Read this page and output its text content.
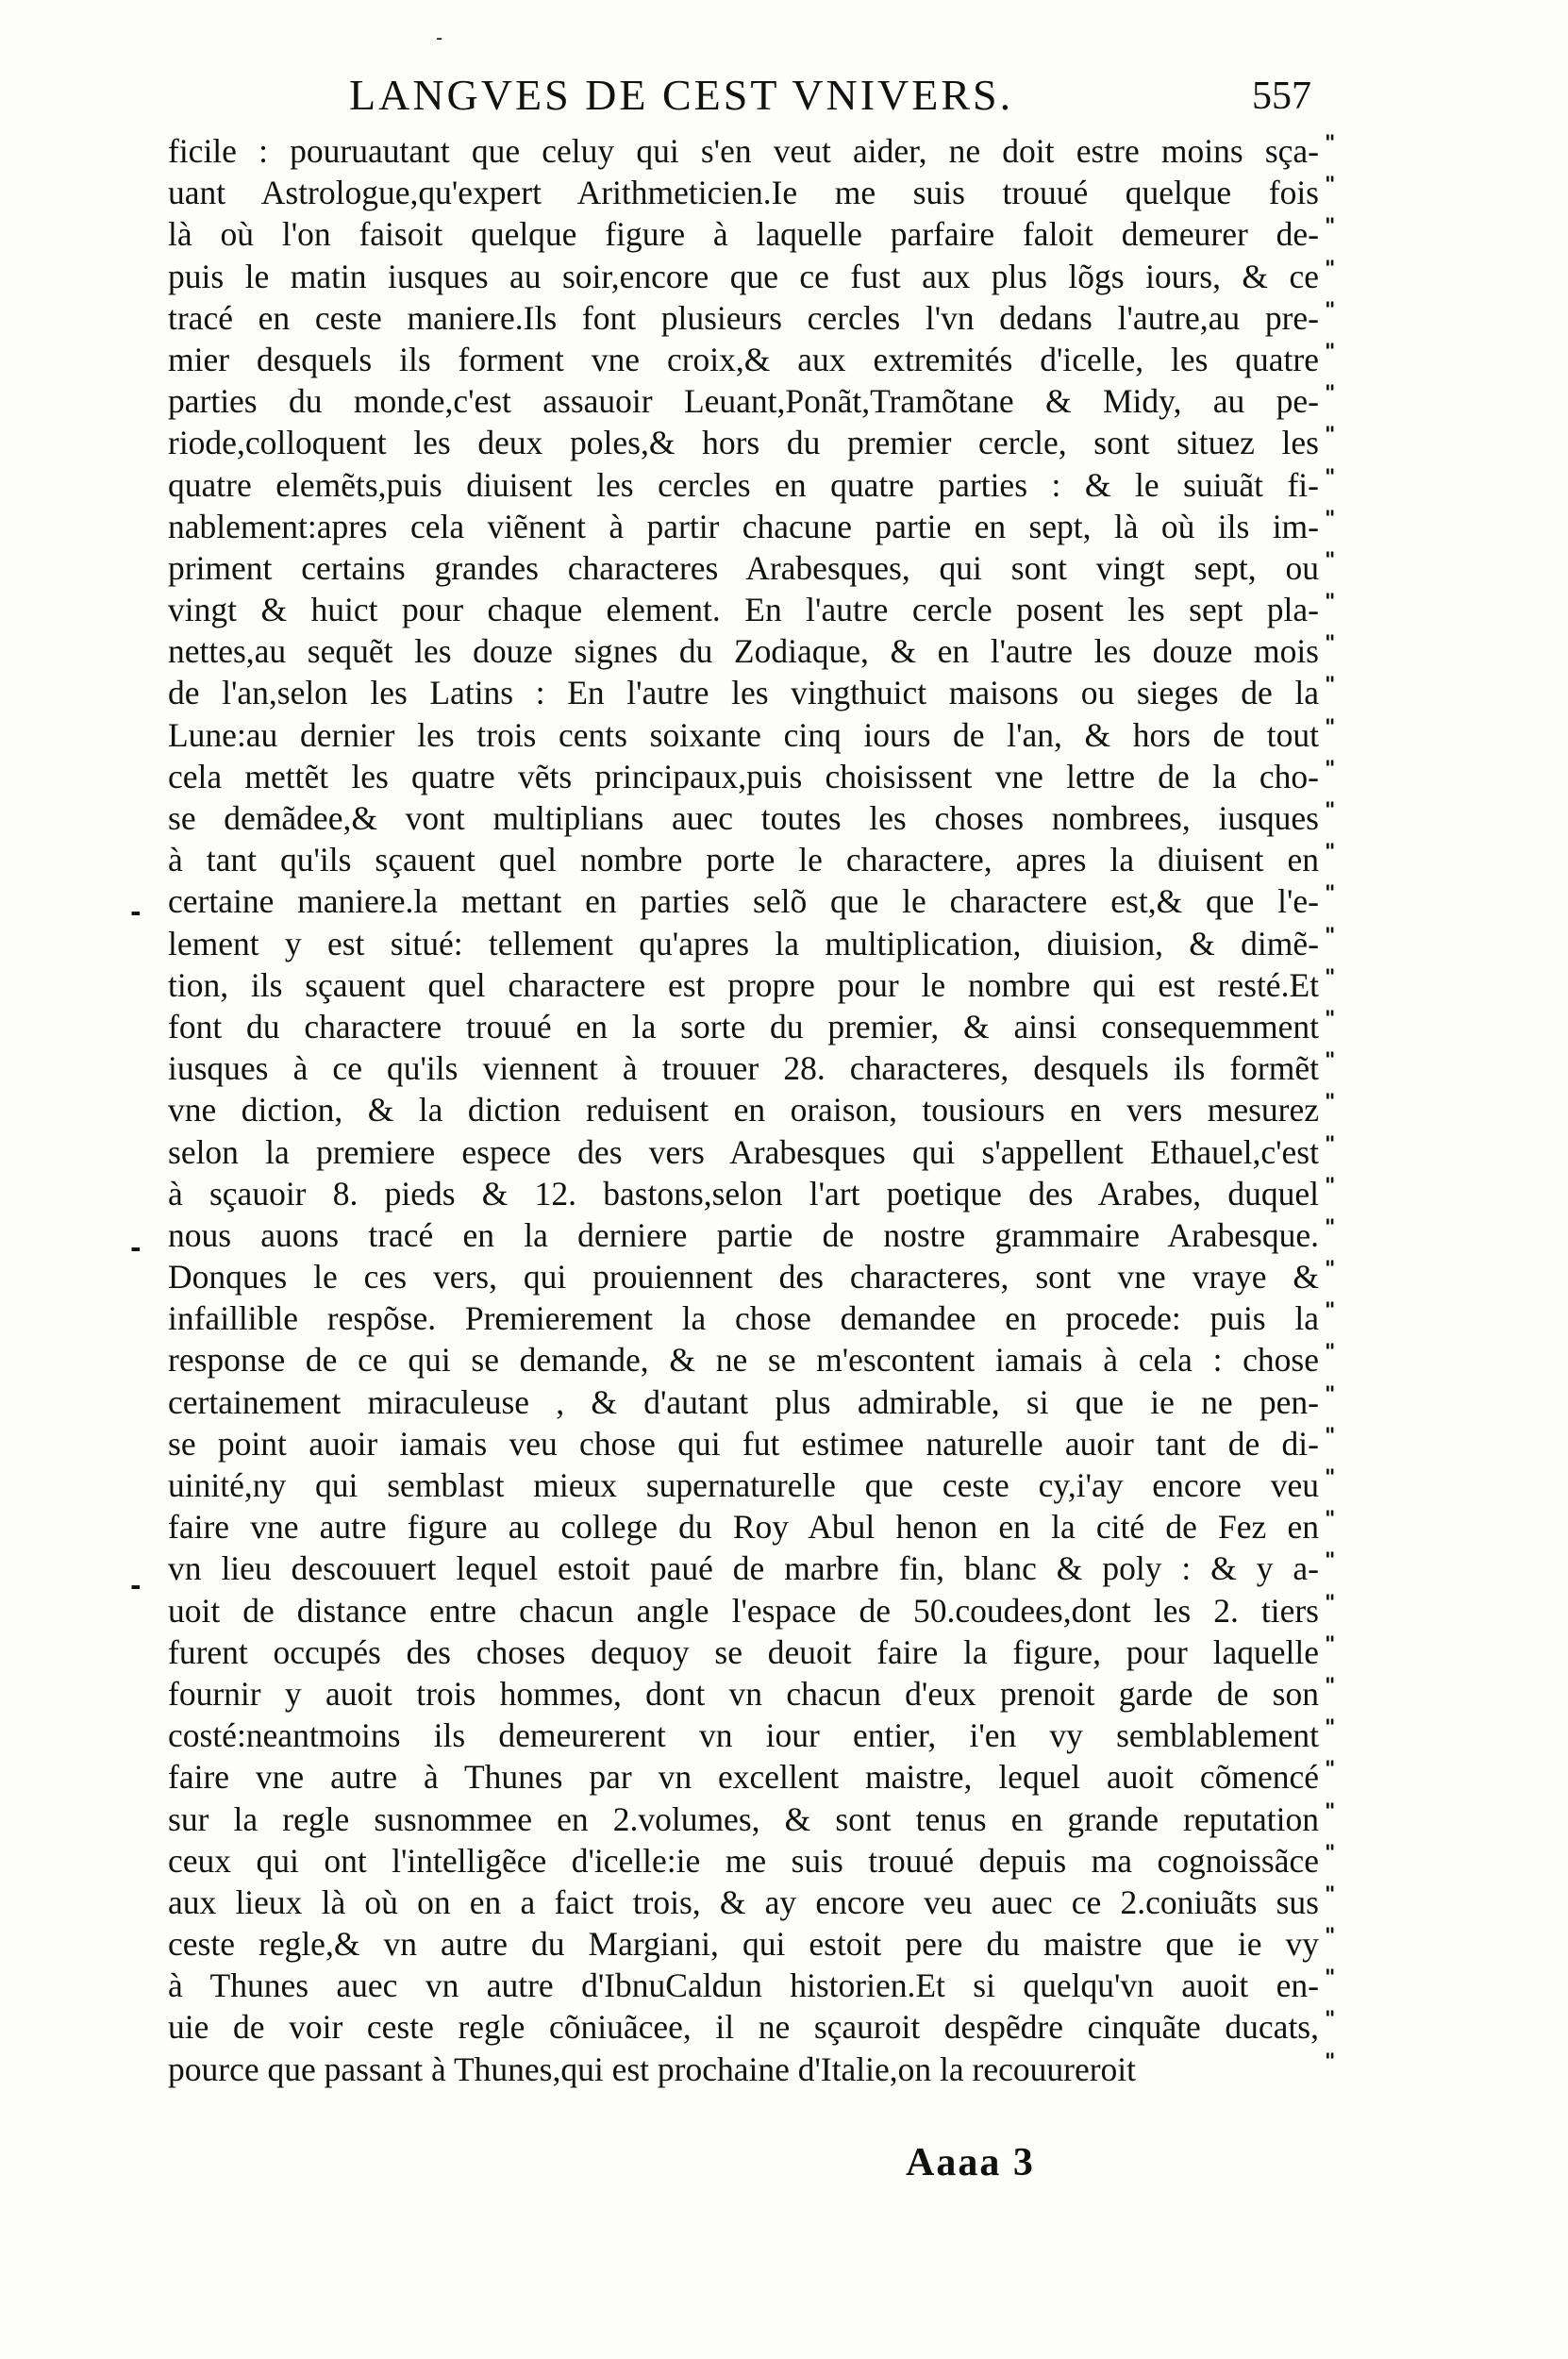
-
LANGVES DE CEST VNIVERS.	557
-
-
-
ficile : pouruautant que celuy qui s'en veut aider, ne doit estre moins sça-
uant Astrologue,qu'expert Arithmeticien.Ie me suis trouué quelque fois
là où l'on faisoit quelque figure à laquelle parfaire faloit demeurer de-
puis le matin iusques au soir,encore que ce fust aux plus lõgs iours, & ce
tracé en ceste maniere.Ils font plusieurs cercles l'vn dedans l'autre,au pre-
mier desquels ils forment vne croix,& aux extremités d'icelle, les quatre
parties du monde,c'est assauoir Leuant,Ponãt,Tramõtane & Midy, au pe-
riode,colloquent les deux poles,& hors du premier cercle, sont situez les
quatre elemẽts,puis diuisent les cercles en quatre parties : & le suiuãt fi-
nablement:apres cela viẽnent à partir chacune partie en sept, là où ils im-
priment certains grandes characteres Arabesques, qui sont vingt sept, ou
vingt & huict pour chaque element. En l'autre cercle posent les sept pla-
nettes,au sequẽt les douze signes du Zodiaque, & en l'autre les douze mois
de l'an,selon les Latins : En l'autre les vingthuict maisons ou sieges de la
Lune:au dernier les trois cents soixante cinq iours de l'an, & hors de tout
cela mettẽt les quatre vẽts principaux,puis choisissent vne lettre de la cho-
se demãdee,& vont multiplians auec toutes les choses nombrees, iusques
à tant qu'ils sçauent quel nombre porte le charactere, apres la diuisent en
certaine maniere.la mettant en parties selõ que le charactere est,& que l'e-
lement y est situé: tellement qu'apres la multiplication, diuision, & dimẽ-
tion, ils sçauent quel charactere est propre pour le nombre qui est resté.Et
font du charactere trouué en la sorte du premier, & ainsi consequemment
iusques à ce qu'ils viennent à trouuer 28. characteres, desquels ils formẽt
vne diction, & la diction reduisent en oraison, tousiours en vers mesurez
selon la premiere espece des vers Arabesques qui s'appellent Ethauel,c'est
à sçauoir 8. pieds & 12. bastons,selon l'art poetique des Arabes, duquel
nous auons tracé en la derniere partie de nostre grammaire Arabesque.
Donques le ces vers, qui prouiennent des characteres, sont vne vraye &
infaillible respõse. Premierement la chose demandee en procede: puis la
response de ce qui se demande, & ne se m'escontent iamais à cela : chose
certainement miraculeuse , & d'autant plus admirable, si que ie ne pen-
se point auoir iamais veu chose qui fut estimee naturelle auoir tant de di-
uinité,ny qui semblast mieux supernaturelle que ceste cy,i'ay encore veu
faire vne autre figure au college du Roy Abul henon en la cité de Fez en
vn lieu descouuert lequel estoit paué de marbre fin, blanc & poly : & y a-
uoit de distance entre chacun angle l'espace de 50.coudees,dont les 2. tiers
furent occupés des choses dequoy se deuoit faire la figure, pour laquelle
fournir y auoit trois hommes, dont vn chacun d'eux prenoit garde de son
costé:neantmoins ils demeurerent vn iour entier, i'en vy semblablement
faire vne autre à Thunes par vn excellent maistre, lequel auoit cõmencé
sur la regle susnommee en 2.volumes, & sont tenus en grande reputation
ceux qui ont l'intelligẽce d'icelle:ie me suis trouué depuis ma cognoissãce
aux lieux là où on en a faict trois, & ay encore veu auec ce 2.coniuãts sus
ceste regle,& vn autre du Margiani, qui estoit pere du maistre que ie vy
à Thunes auec vn autre d'IbnuCaldun historien.Et si quelqu'vn auoit en-
uie de voir ceste regle cõniuãcee, il ne sçauroit despẽdre cinquãte ducats,
pource que passant à Thunes,qui est prochaine d'Italie,on la recouureroit
"
"
"
"
"
"
"
"
"
"
"
"
"
"
"
"
"
"
"
"
"
"
"
"
"
"
"
"
"
"
"
"
"
"
"
"
"
"
"
"
"
"
"
"
"
"
"
Aaaa 3
